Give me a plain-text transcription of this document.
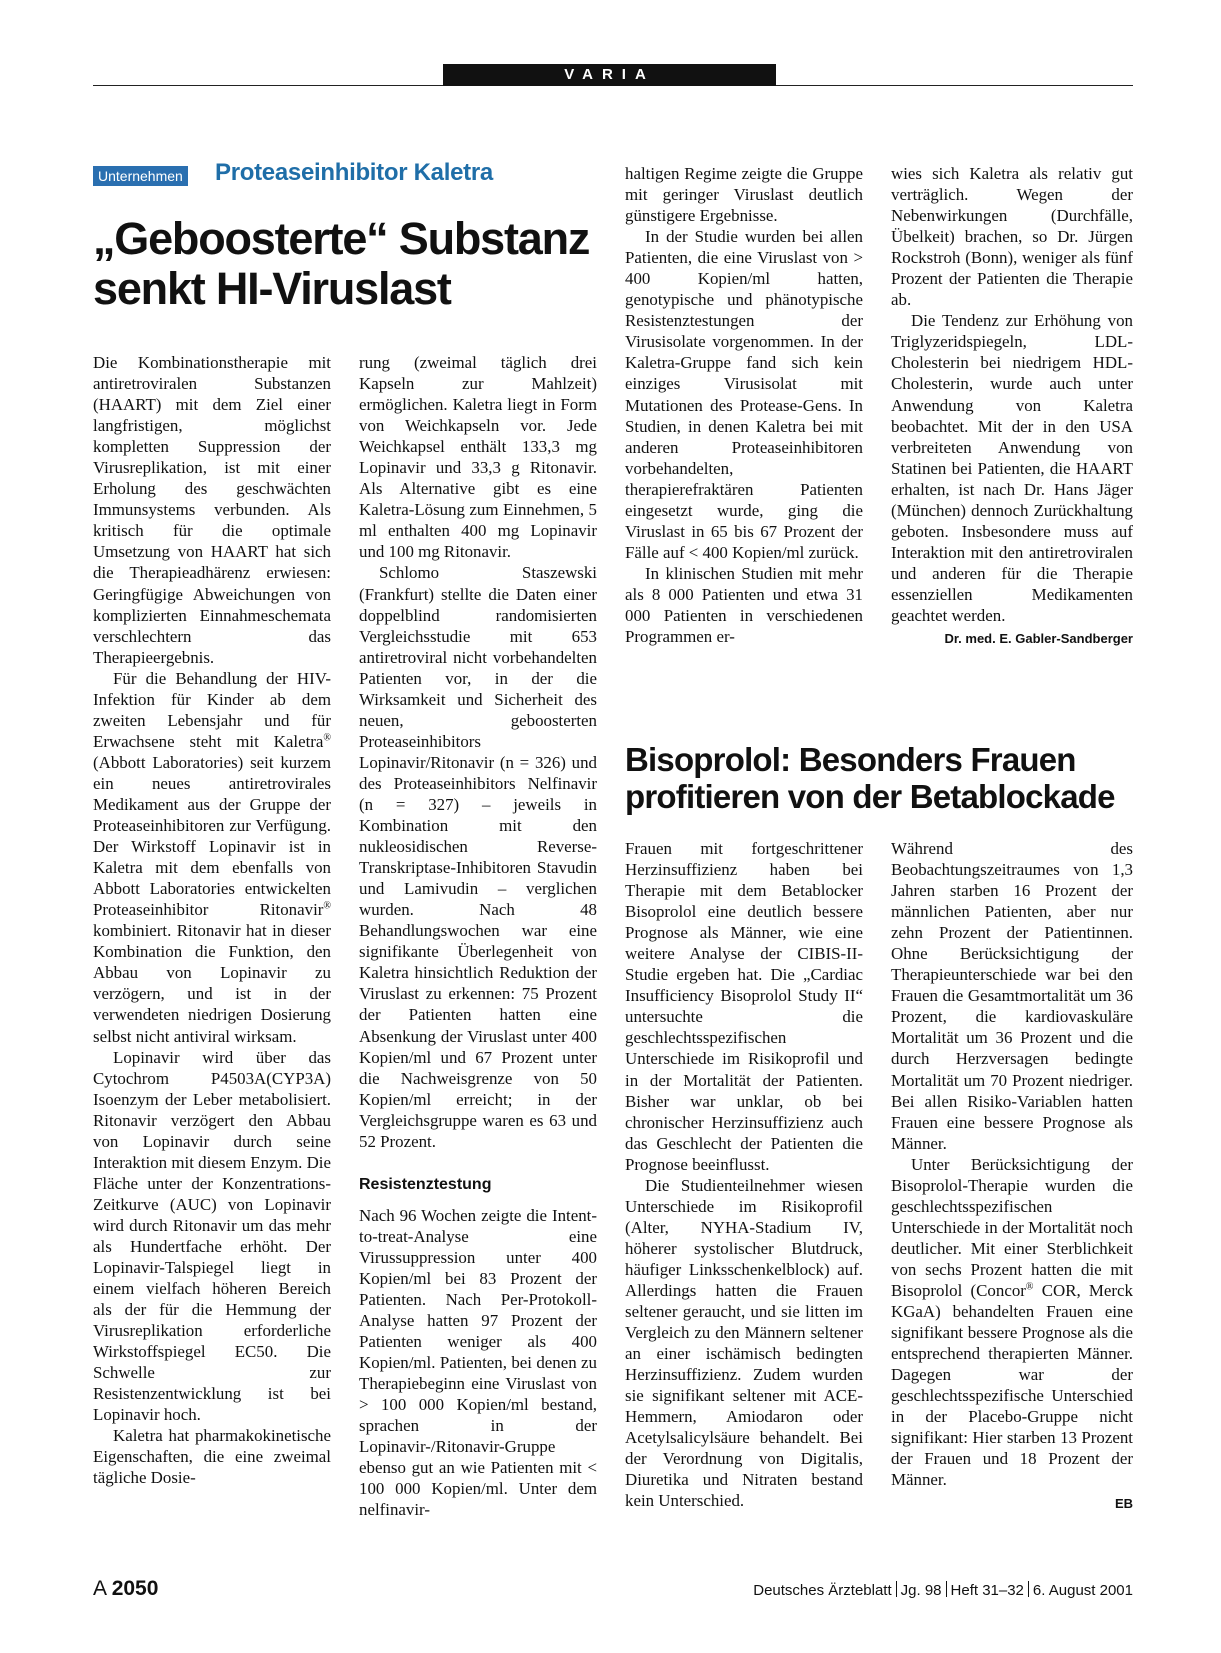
VARIA
Unternehmen Proteaseinhibitor Kaletra
„Geboosterte“ Substanz senkt HI-Viruslast

Die Kombinationstherapie mit antiretroviralen Substanzen (HAART) mit dem Ziel einer langfristigen, möglichst kompletten Suppression der Virusreplikation, ist mit einer Erholung des geschwächten Immunsystems verbunden. Als kritisch für die optimale Umsetzung von HAART hat sich die Therapieadhärenz erwiesen: Geringfügige Abweichungen von komplizierten Einnahmeschemata verschlechtern das Therapieergebnis.

Für die Behandlung der HIV-Infektion für Kinder ab dem zweiten Lebensjahr und für Erwachsene steht mit Kaletra® (Abbott Laboratories) seit kurzem ein neues antiretrovirales Medikament aus der Gruppe der Proteaseinhibitoren zur Verfügung. Der Wirkstoff Lopinavir ist in Kaletra mit dem ebenfalls von Abbott Laboratories entwickelten Proteaseinhibitor Ritonavir® kombiniert. Ritonavir hat in dieser Kombination die Funktion, den Abbau von Lopinavir zu verzögern, und ist in der verwendeten niedrigen Dosierung selbst nicht antiviral wirksam.

Lopinavir wird über das Cytochrom P4503A(CYP3A) Isoenzym der Leber metabolisiert. Ritonavir verzögert den Abbau von Lopinavir durch seine Interaktion mit diesem Enzym. Die Fläche unter der Konzentrations-Zeitkurve (AUC) von Lopinavir wird durch Ritonavir um das mehr als Hundertfache erhöht. Der Lopinavir-Talspiegel liegt in einem vielfach höheren Bereich als der für die Hemmung der Virusreplikation erforderliche Wirkstoffspiegel EC50. Die Schwelle zur Resistenzentwicklung ist bei Lopinavir hoch.

Kaletra hat pharmakokinetische Eigenschaften, die eine zweimal tägliche Dosie-

rung (zweimal täglich drei Kapseln zur Mahlzeit) ermöglichen. Kaletra liegt in Form von Weichkapseln vor. Jede Weichkapsel enthält 133,3 mg Lopinavir und 33,3 g Ritonavir. Als Alternative gibt es eine Kaletra-Lösung zum Einnehmen, 5 ml enthalten 400 mg Lopinavir und 100 mg Ritonavir.

Schlomo Staszewski (Frankfurt) stellte die Daten einer doppelblind randomisierten Vergleichsstudie mit 653 antiretroviral nicht vorbehandelten Patienten vor, in der die Wirksamkeit und Sicherheit des neuen, geboosterten Proteaseinhibitors Lopinavir/Ritonavir (n = 326) und des Proteaseinhibitors Nelfinavir (n = 327) – jeweils in Kombination mit den nukleosidischen Reverse-Transkriptase-Inhibitoren Stavudin und Lamivudin – verglichen wurden. Nach 48 Behandlungswochen war eine signifikante Überlegenheit von Kaletra hinsichtlich Reduktion der Viruslast zu erkennen: 75 Prozent der Patienten hatten eine Absenkung der Viruslast unter 400 Kopien/ml und 67 Prozent unter die Nachweisgrenze von 50 Kopien/ml erreicht; in der Vergleichsgruppe waren es 63 und 52 Prozent.

Resistenztestung

Nach 96 Wochen zeigte die Intent-to-treat-Analyse eine Virussuppression unter 400 Kopien/ml bei 83 Prozent der Patienten. Nach Per-Protokoll-Analyse hatten 97 Prozent der Patienten weniger als 400 Kopien/ml. Patienten, bei denen zu Therapiebeginn eine Viruslast von > 100 000 Kopien/ml bestand, sprachen in der Lopinavir-/Ritonavir-Gruppe ebenso gut an wie Patienten mit < 100 000 Kopien/ml. Unter dem nelfinavir-

haltigen Regime zeigte die Gruppe mit geringer Viruslast deutlich günstigere Ergebnisse.

In der Studie wurden bei allen Patienten, die eine Viruslast von > 400 Kopien/ml hatten, genotypische und phänotypische Resistenztestungen der Virusisolate vorgenommen. In der Kaletra-Gruppe fand sich kein einziges Virusisolat mit Mutationen des Protease-Gens. In Studien, in denen Kaletra bei mit anderen Proteaseinhibitoren vorbehandelten, therapierefraktären Patienten eingesetzt wurde, ging die Viruslast in 65 bis 67 Prozent der Fälle auf < 400 Kopien/ml zurück.

In klinischen Studien mit mehr als 8 000 Patienten und etwa 31 000 Patienten in verschiedenen Programmen er-

wies sich Kaletra als relativ gut verträglich. Wegen der Nebenwirkungen (Durchfälle, Übelkeit) brachen, so Dr. Jürgen Rockstroh (Bonn), weniger als fünf Prozent der Patienten die Therapie ab.

Die Tendenz zur Erhöhung von Triglyzeridspiegeln, LDL-Cholesterin bei niedrigem HDL-Cholesterin, wurde auch unter Anwendung von Kaletra beobachtet. Mit der in den USA verbreiteten Anwendung von Statinen bei Patienten, die HAART erhalten, ist nach Dr. Hans Jäger (München) dennoch Zurückhaltung geboten. Insbesondere muss auf Interaktion mit den antiretroviralen und anderen für die Therapie essenziellen Medikamenten geachtet werden.

Dr. med. E. Gabler-Sandberger
Bisoprolol: Besonders Frauen profitieren von der Betablockade

Frauen mit fortgeschrittener Herzinsuffizienz haben bei Therapie mit dem Betablocker Bisoprolol eine deutlich bessere Prognose als Männer, wie eine weitere Analyse der CIBIS-II-Studie ergeben hat. Die „Cardiac Insufficiency Bisoprolol Study II“ untersuchte die geschlechtsspezifischen Unterschiede im Risikoprofil und in der Mortalität der Patienten. Bisher war unklar, ob bei chronischer Herzinsuffizienz auch das Geschlecht der Patienten die Prognose beeinflusst.

Die Studienteilnehmer wiesen Unterschiede im Risikoprofil (Alter, NYHA-Stadium IV, höherer systolischer Blutdruck, häufiger Linksschenkelblock) auf. Allerdings hatten die Frauen seltener geraucht, und sie litten im Vergleich zu den Männern seltener an einer ischämisch bedingten Herzinsuffizienz. Zudem wurden sie signifikant seltener mit ACE-Hemmern, Amiodaron oder Acetylsalicylsäure behandelt. Bei der Verordnung von Digitalis, Diuretika und Nitraten bestand kein Unterschied.

Während des Beobachtungszeitraumes von 1,3 Jahren starben 16 Prozent der männlichen Patienten, aber nur zehn Prozent der Patientinnen. Ohne Berücksichtigung der Therapieunterschiede war bei den Frauen die Gesamtmortalität um 36 Prozent, die kardiovaskuläre Mortalität um 36 Prozent und die durch Herzversagen bedingte Mortalität um 70 Prozent niedriger. Bei allen Risiko-Variablen hatten Frauen eine bessere Prognose als Männer.

Unter Berücksichtigung der Bisoprolol-Therapie wurden die geschlechtsspezifischen Unterschiede in der Mortalität noch deutlicher. Mit einer Sterblichkeit von sechs Prozent hatten die mit Bisoprolol (Concor® COR, Merck KGaA) behandelten Frauen eine signifikant bessere Prognose als die entsprechend therapierten Männer. Dagegen war der geschlechtsspezifische Unterschied in der Placebo-Gruppe nicht signifikant: Hier starben 13 Prozent der Frauen und 18 Prozent der Männer.

EB
A 2050	Deutsches Ärzteblatt Jg. 98 Heft 31–32 6. August 2001
